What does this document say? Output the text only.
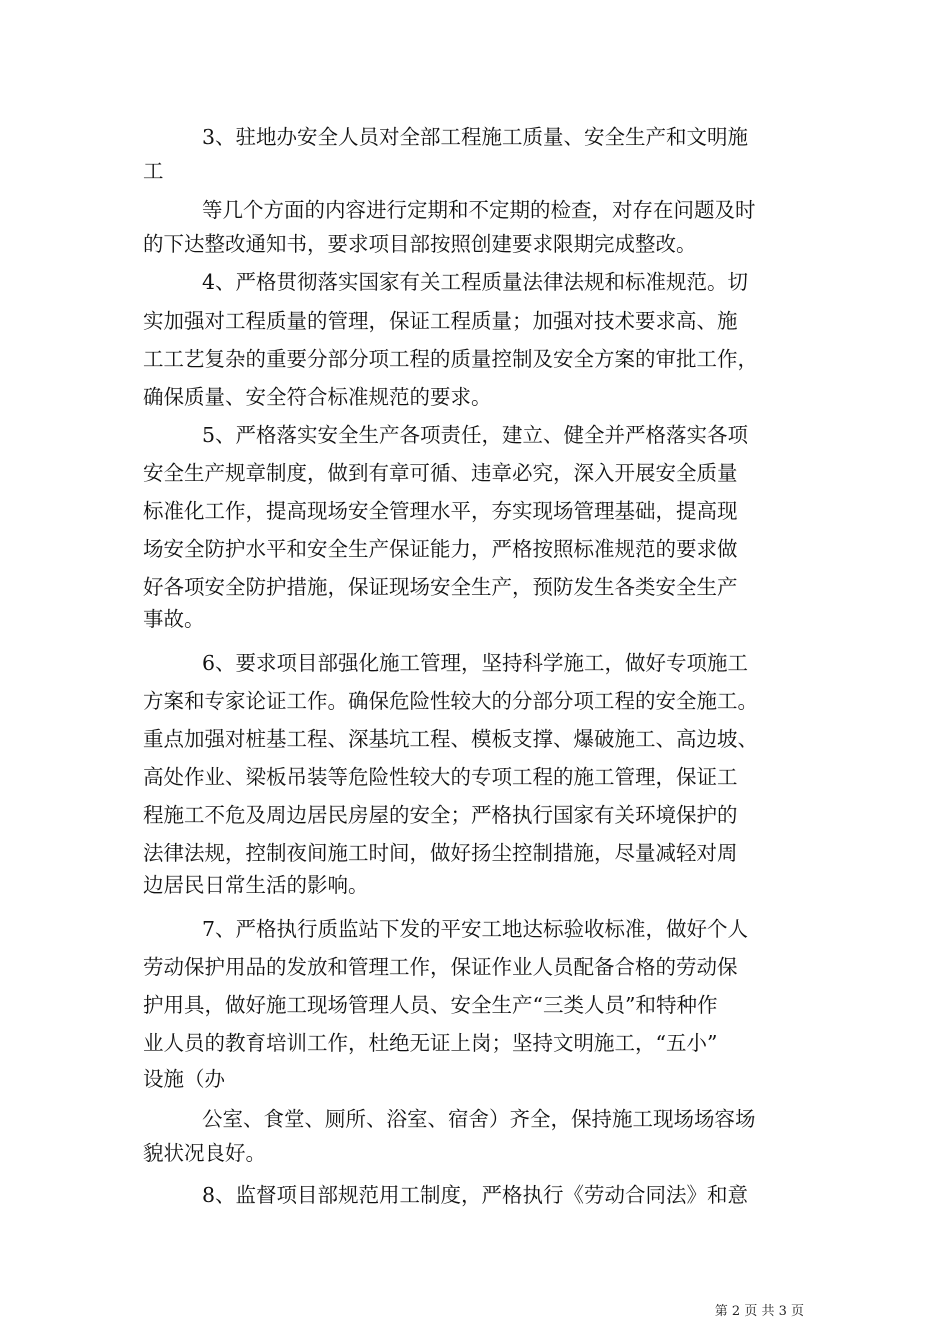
3、驻地办安全人员对全部工程施工质量、安全生产和文明施
工
等几个方面的内容进行定期和不定期的检查，对存在问题及时
的下达整改通知书，要求项目部按照创建要求限期完成整改。
4、严格贯彻落实国家有关工程质量法律法规和标准规范。切
实加强对工程质量的管理，保证工程质量；加强对技术要求高、施
工工艺复杂的重要分部分项工程的质量控制及安全方案的审批工作，
确保质量、安全符合标准规范的要求。
5、严格落实安全生产各项责任，建立、健全并严格落实各项
安全生产规章制度，做到有章可循、违章必究，深入开展安全质量
标准化工作，提高现场安全管理水平，夯实现场管理基础，提高现
场安全防护水平和安全生产保证能力，严格按照标准规范的要求做
好各项安全防护措施，保证现场安全生产，预防发生各类安全生产
事故。
6、要求项目部强化施工管理，坚持科学施工，做好专项施工
方案和专家论证工作。确保危险性较大的分部分项工程的安全施工。
重点加强对桩基工程、深基坑工程、模板支撑、爆破施工、高边坡、
高处作业、梁板吊装等危险性较大的专项工程的施工管理，保证工
程施工不危及周边居民房屋的安全；严格执行国家有关环境保护的
法律法规，控制夜间施工时间，做好扬尘控制措施，尽量减轻对周
边居民日常生活的影响。
7、严格执行质监站下发的平安工地达标验收标准，做好个人
劳动保护用品的发放和管理工作，保证作业人员配备合格的劳动保
护用具，做好施工现场管理人员、安全生产“三类人员”和特种作
业人员的教育培训工作，杜绝无证上岗；坚持文明施工，“五小”
设施（办
公室、食堂、厕所、浴室、宿舍）齐全，保持施工现场场容场
貌状况良好。
8、监督项目部规范用工制度，严格执行《劳动合同法》和意
第 2 页 共 3 页
